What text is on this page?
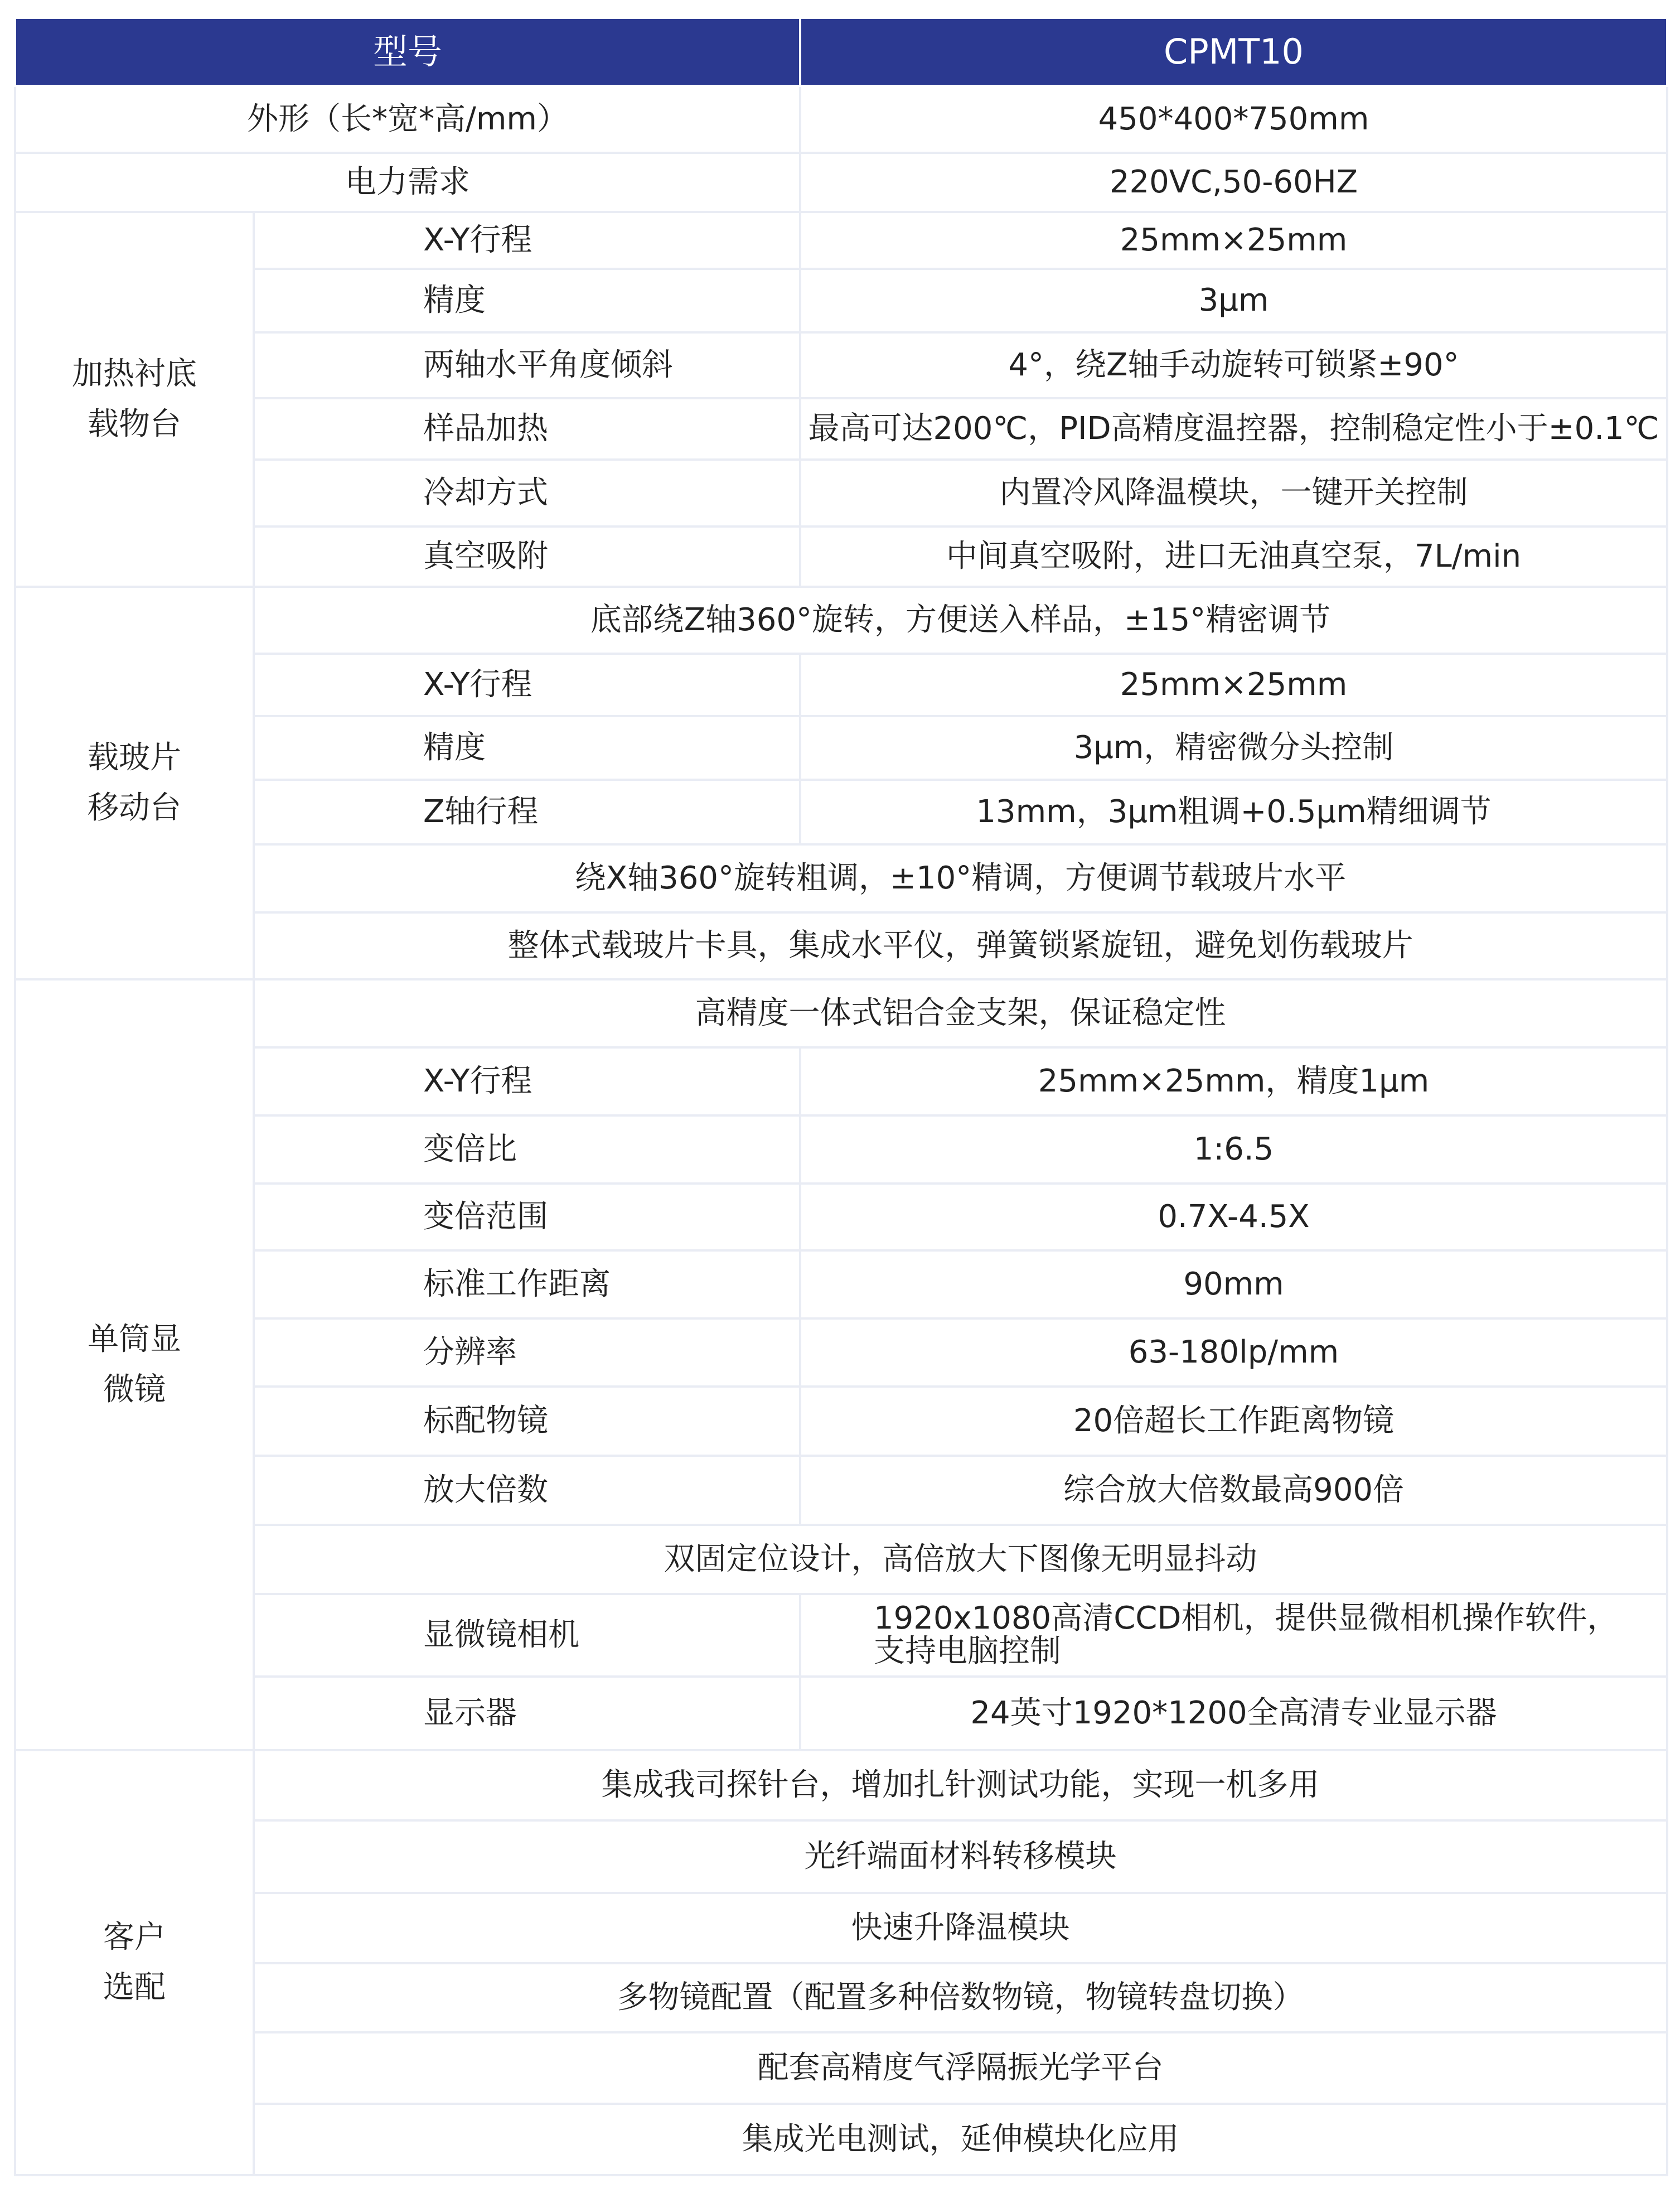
型号		CPMT10
外形（长*宽*高/mm）		450*400*750mm
电力需求		220VC,50-60HZ

加热衬底
载物台	X-Y行程	25mm×25mm
	精度	3μm
	两轴水平角度倾斜	4°，绕Z轴手动旋转可锁紧±90°
	样品加热	最高可达200℃，PID高精度温控器，控制稳定性小于±0.1℃
	冷却方式	内置冷风降温模块，一键开关控制
	真空吸附	中间真空吸附，进口无油真空泵，7L/min

载玻片
移动台	底部绕Z轴360°旋转，方便送入样品，±15°精密调节	
	X-Y行程	25mm×25mm
	精度	3μm，精密微分头控制
	Z轴行程	13mm，3μm粗调+0.5μm精细调节
	绕X轴360°旋转粗调，±10°精调，方便调节载玻片水平	
	整体式载玻片卡具，集成水平仪，弹簧锁紧旋钮，避免划伤载玻片	

单筒显
微镜	高精度一体式铝合金支架，保证稳定性	
	X-Y行程	25mm×25mm，精度1μm
	变倍比	1:6.5
	变倍范围	0.7X-4.5X
	标准工作距离	90mm
	分辨率	63-180lp/mm
	标配物镜	20倍超长工作距离物镜
	放大倍数	综合放大倍数最高900倍
	双固定位设计，高倍放大下图像无明显抖动	
	显微镜相机	1920x1080高清CCD相机，提供显微相机操作软件，
支持电脑控制

	显示器	24英寸1920*1200全高清专业显示器

客户
选配	集成我司探针台，增加扎针测试功能，实现一机多用	
	光纤端面材料转移模块	
	快速升降温模块	
	多物镜配置（配置多种倍数物镜，物镜转盘切换）	
	配套高精度气浮隔振光学平台	
	集成光电测试，延伸模块化应用	
